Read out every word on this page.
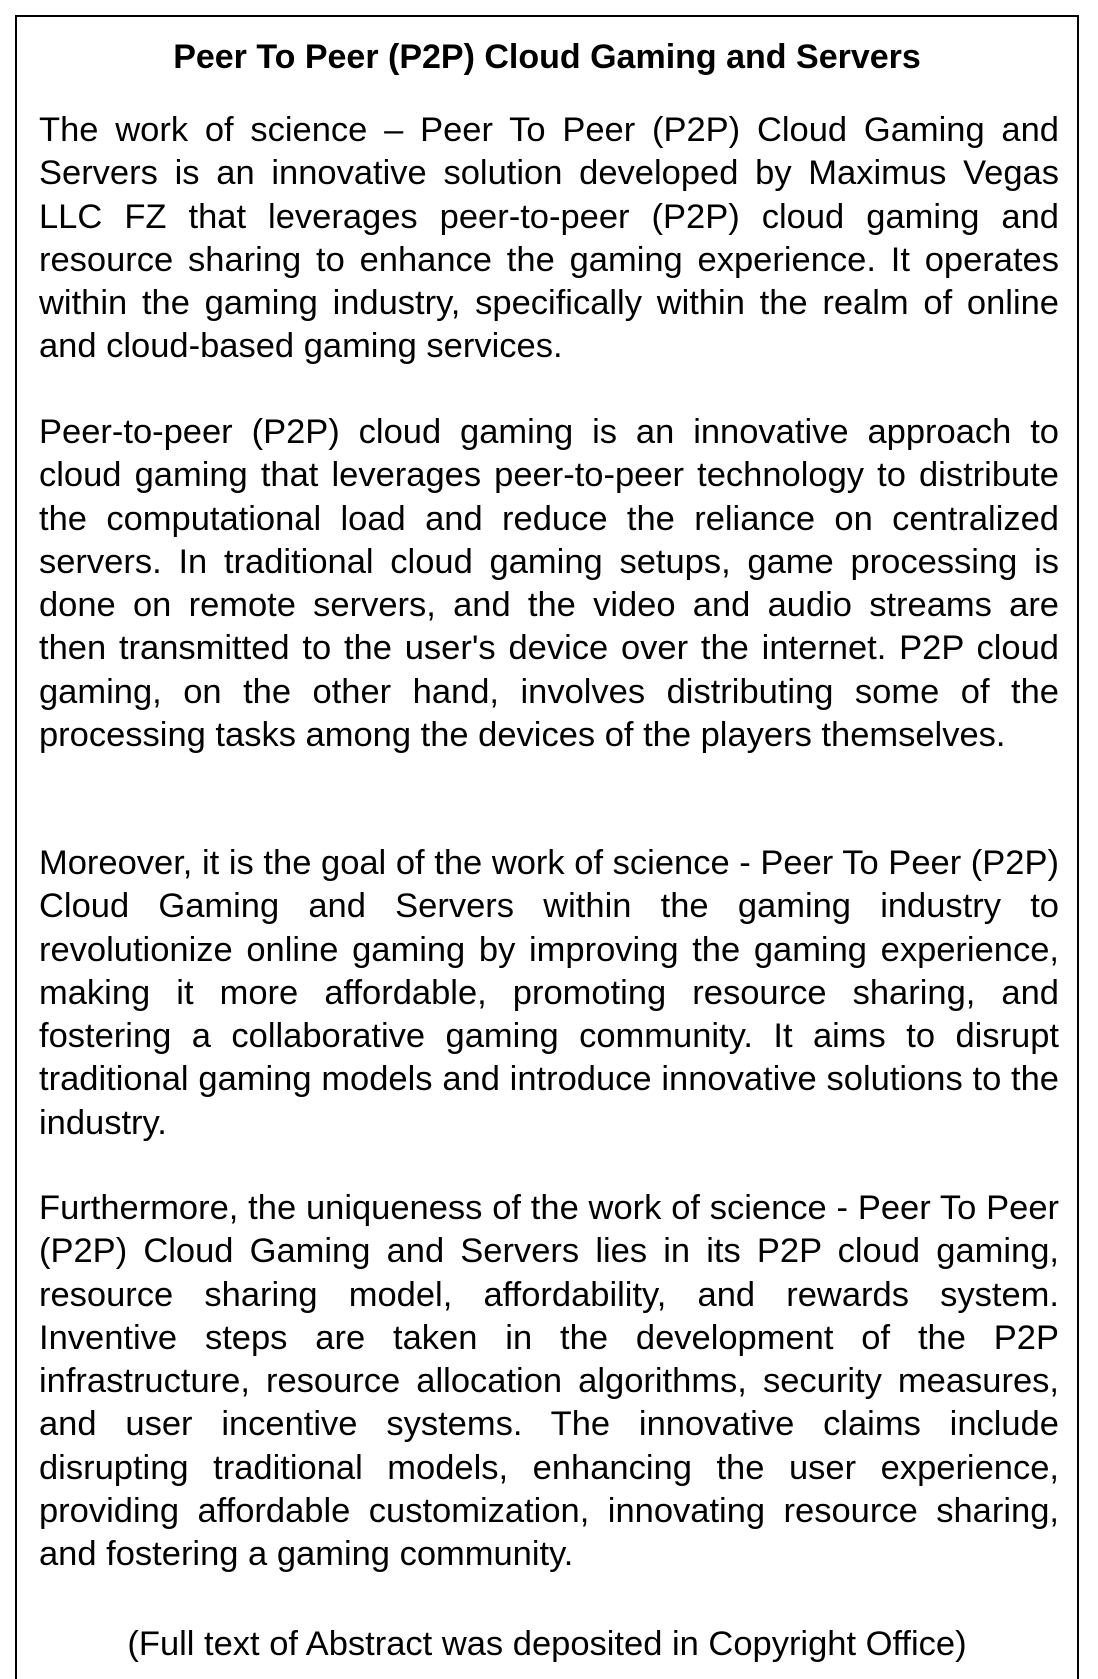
Peer To Peer (P2P) Cloud Gaming and Servers

The work of science – Peer To Peer (P2P) Cloud Gaming and Servers is an innovative solution developed by Maximus Vegas LLC FZ that leverages peer-to-peer (P2P) cloud gaming and resource sharing to enhance the gaming experience. It operates within the gaming industry, specifically within the realm of online and cloud-based gaming services.

Peer-to-peer (P2P) cloud gaming is an innovative approach to cloud gaming that leverages peer-to-peer technology to distribute the computational load and reduce the reliance on centralized servers. In traditional cloud gaming setups, game processing is done on remote servers, and the video and audio streams are then transmitted to the user's device over the internet. P2P cloud gaming, on the other hand, involves distributing some of the processing tasks among the devices of the players themselves.

Moreover, it is the goal of the work of science - Peer To Peer (P2P) Cloud Gaming and Servers within the gaming industry to revolutionize online gaming by improving the gaming experience, making it more affordable, promoting resource sharing, and fostering a collaborative gaming community. It aims to disrupt traditional gaming models and introduce innovative solutions to the industry.

Furthermore, the uniqueness of the work of science - Peer To Peer (P2P) Cloud Gaming and Servers lies in its P2P cloud gaming, resource sharing model, affordability, and rewards system. Inventive steps are taken in the development of the P2P infrastructure, resource allocation algorithms, security measures, and user incentive systems. The innovative claims include disrupting traditional models, enhancing the user experience, providing affordable customization, innovating resource sharing, and fostering a gaming community.

(Full text of Abstract was deposited in Copyright Office)
